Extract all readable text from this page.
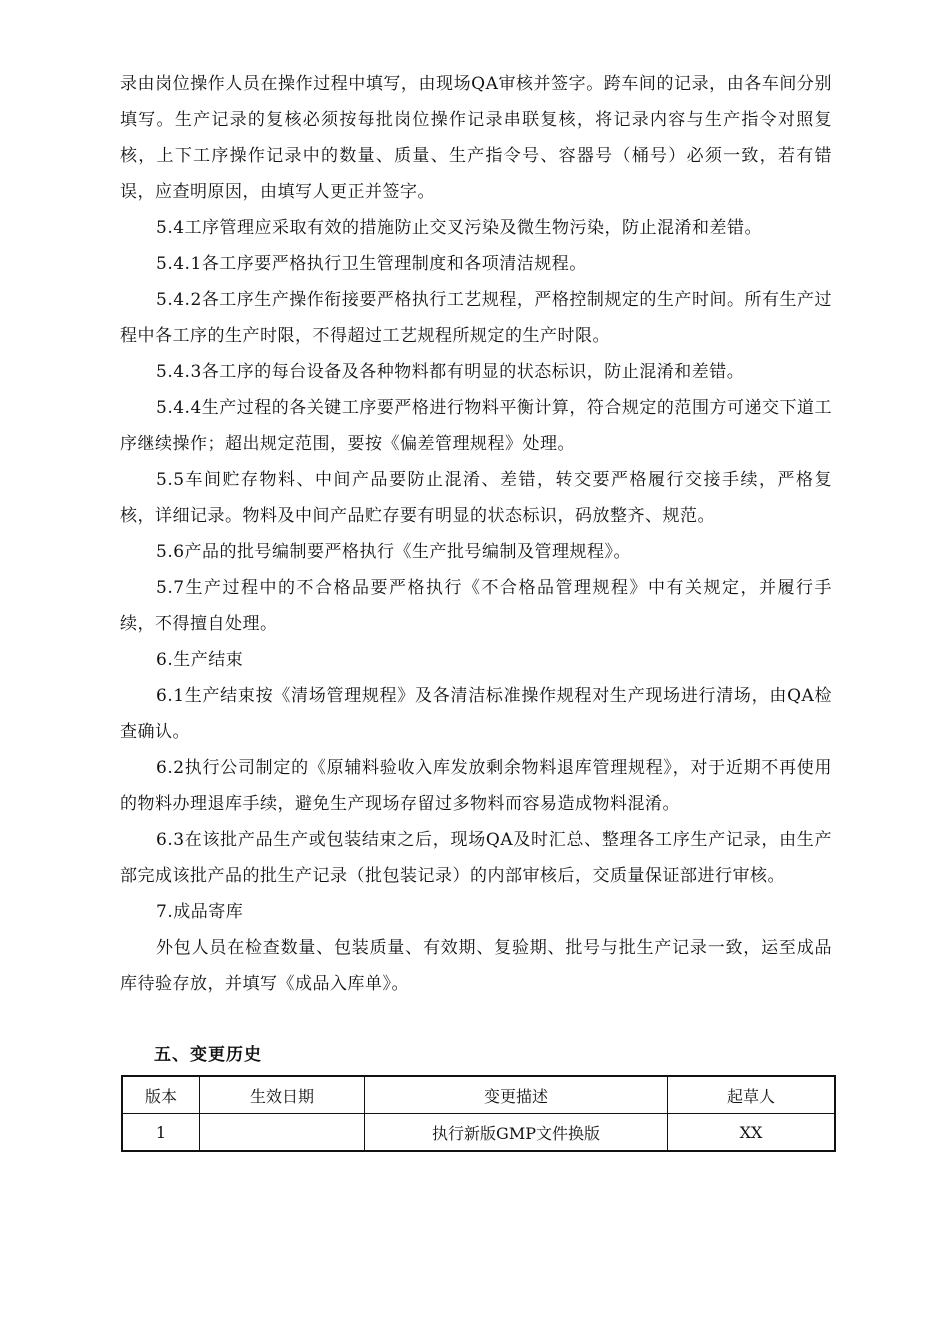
录由岗位操作人员在操作过程中填写，由现场QA审核并签字。跨车间的记录，由各车间分别填写。生产记录的复核必须按每批岗位操作记录串联复核，将记录内容与生产指令对照复核，上下工序操作记录中的数量、质量、生产指令号、容器号（桶号）必须一致，若有错误，应查明原因，由填写人更正并签字。

5.4工序管理应采取有效的措施防止交叉污染及微生物污染，防止混淆和差错。

5.4.1各工序要严格执行卫生管理制度和各项清洁规程。

5.4.2各工序生产操作衔接要严格执行工艺规程，严格控制规定的生产时间。所有生产过程中各工序的生产时限，不得超过工艺规程所规定的生产时限。

5.4.3各工序的每台设备及各种物料都有明显的状态标识，防止混淆和差错。

5.4.4生产过程的各关键工序要严格进行物料平衡计算，符合规定的范围方可递交下道工序继续操作；超出规定范围，要按《偏差管理规程》处理。

5.5车间贮存物料、中间产品要防止混淆、差错，转交要严格履行交接手续，严格复核，详细记录。物料及中间产品贮存要有明显的状态标识，码放整齐、规范。

5.6产品的批号编制要严格执行《生产批号编制及管理规程》。

5.7生产过程中的不合格品要严格执行《不合格品管理规程》中有关规定，并履行手续，不得擅自处理。

6.生产结束

6.1生产结束按《清场管理规程》及各清洁标准操作规程对生产现场进行清场，由QA检查确认。

6.2执行公司制定的《原辅料验收入库发放剩余物料退库管理规程》，对于近期不再使用的物料办理退库手续，避免生产现场存留过多物料而容易造成物料混淆。

6.3在该批产品生产或包装结束之后，现场QA及时汇总、整理各工序生产记录，由生产部完成该批产品的批生产记录（批包装记录）的内部审核后，交质量保证部进行审核。

7.成品寄库

外包人员在检查数量、包装质量、有效期、复验期、批号与批生产记录一致，运至成品库待验存放，并填写《成品入库单》。

五、变更历史

版本	生效日期	变更描述	起草人
1		执行新版GMP文件换版	XX
